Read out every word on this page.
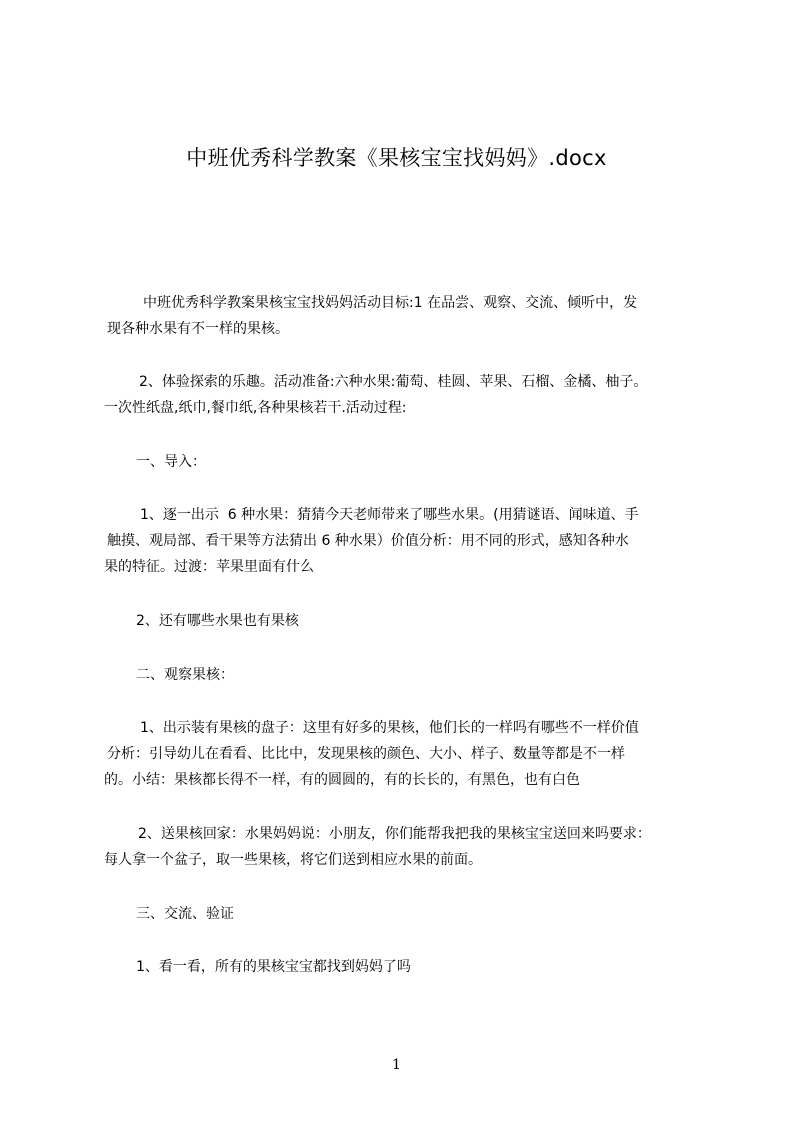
中班优秀科学教案《果核宝宝找妈妈》.docx

中班优秀科学教案果核宝宝找妈妈活动目标:1 在品尝、观察、交流、倾听中，发

现各种水果有不一样的果核。

2、体验探索的乐趣。活动准备:六种水果:葡萄、桂圆、苹果、石榴、金橘、柚子。

一次性纸盘,纸巾,餐巾纸,各种果核若干.活动过程:

一、导入：

1、逐一出示  6 种水果：猜猜今天老师带来了哪些水果。(用猜谜语、闻味道、手

触摸、观局部、看干果等方法猜出 6 种水果）价值分析：用不同的形式，感知各种水

果的特征。过渡：苹果里面有什么

2、还有哪些水果也有果核

二、观察果核：

1、出示装有果核的盘子：这里有好多的果核，他们长的一样吗有哪些不一样价值

分析：引导幼儿在看看、比比中，发现果核的颜色、大小、样子、数量等都是不一样

的。小结：果核都长得不一样，有的圆圆的，有的长长的，有黑色，也有白色

2、送果核回家：水果妈妈说：小朋友，你们能帮我把我的果核宝宝送回来吗要求：

每人拿一个盆子，取一些果核，将它们送到相应水果的前面。

三、交流、验证

1、看一看，所有的果核宝宝都找到妈妈了吗

1
